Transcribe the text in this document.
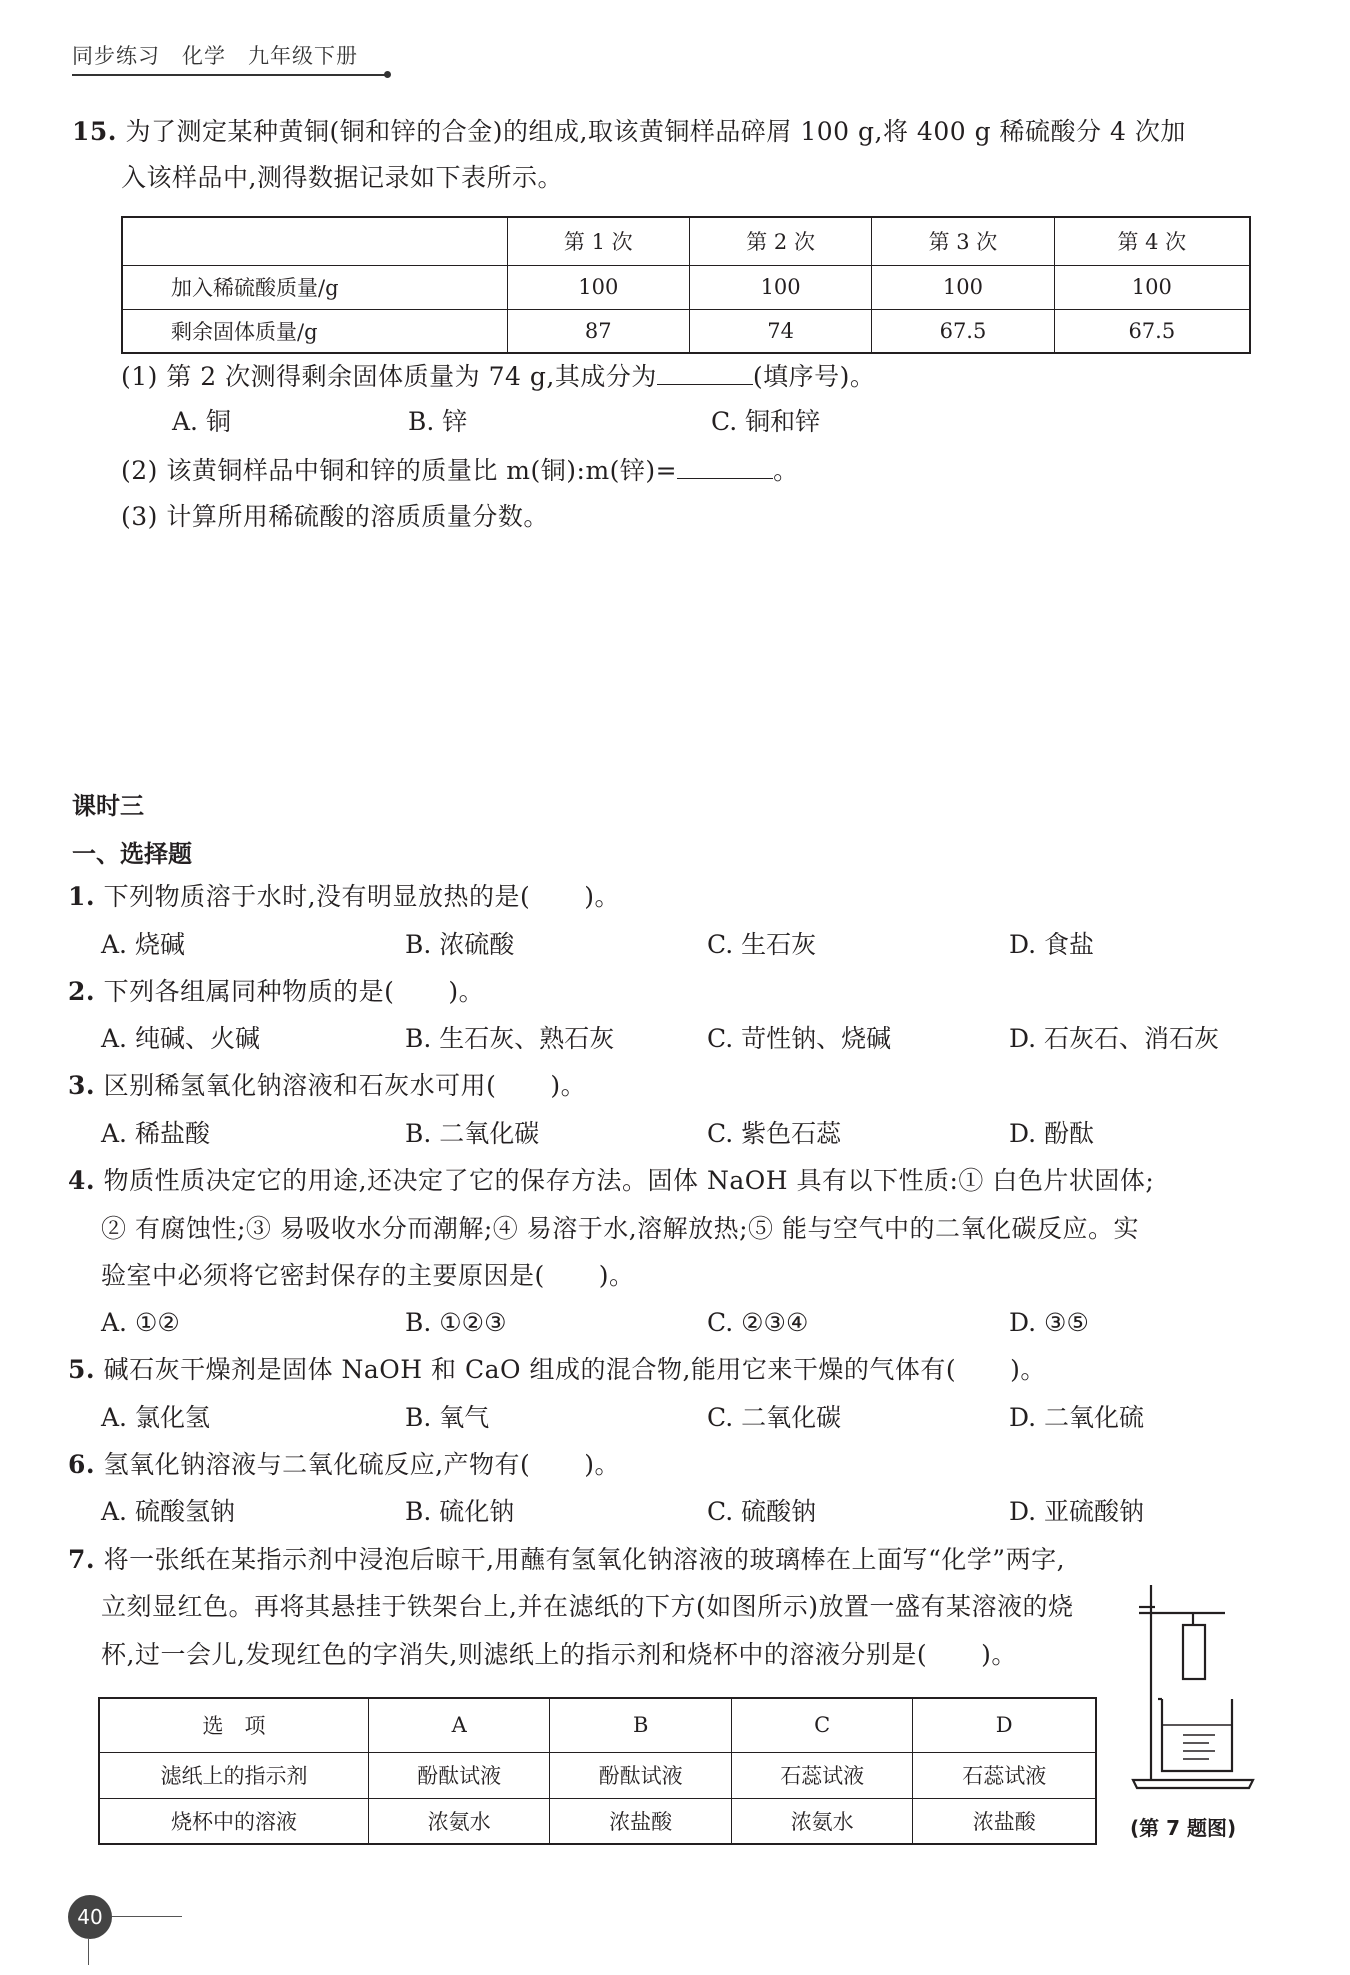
同步练习 化学 九年级下册
15. 为了测定某种黄铜(铜和锌的合金)的组成,取该黄铜样品碎屑 100 g,将 400 g 稀硫酸分 4 次加
入该样品中,测得数据记录如下表所示。
	第 1 次	第 2 次	第 3 次	第 4 次
加入稀硫酸质量/g	100	100	100	100
剩余固体质量/g	87	74	67.5	67.5
(1) 第 2 次测得剩余固体质量为 74 g,其成分为	(填序号)。
A. 铜	B. 锌	C. 铜和锌
(2) 该黄铜样品中铜和锌的质量比 m(铜):m(锌)=	。
(3) 计算所用稀硫酸的溶质质量分数。
课时三
一、选择题
1. 下列物质溶于水时,没有明显放热的是( )。
A. 烧碱	B. 浓硫酸	C. 生石灰	D. 食盐
2. 下列各组属同种物质的是( )。
A. 纯碱、火碱	B. 生石灰、熟石灰	C. 苛性钠、烧碱	D. 石灰石、消石灰
3. 区别稀氢氧化钠溶液和石灰水可用( )。
A. 稀盐酸	B. 二氧化碳	C. 紫色石蕊	D. 酚酞
4. 物质性质决定它的用途,还决定了它的保存方法。固体 NaOH 具有以下性质:① 白色片状固体;
② 有腐蚀性;③ 易吸收水分而潮解;④ 易溶于水,溶解放热;⑤ 能与空气中的二氧化碳反应。实
验室中必须将它密封保存的主要原因是( )。
A. ①②	B. ①②③	C. ②③④	D. ③⑤
5. 碱石灰干燥剂是固体 NaOH 和 CaO 组成的混合物,能用它来干燥的气体有( )。
A. 氯化氢	B. 氧气	C. 二氧化碳	D. 二氧化硫
6. 氢氧化钠溶液与二氧化硫反应,产物有( )。
A. 硫酸氢钠	B. 硫化钠	C. 硫酸钠	D. 亚硫酸钠
7. 将一张纸在某指示剂中浸泡后晾干,用蘸有氢氧化钠溶液的玻璃棒在上面写“化学”两字,
立刻显红色。再将其悬挂于铁架台上,并在滤纸的下方(如图所示)放置一盛有某溶液的烧
杯,过一会儿,发现红色的字消失,则滤纸上的指示剂和烧杯中的溶液分别是( )。
选　项	A	B	C	D
滤纸上的指示剂	酚酞试液	酚酞试液	石蕊试液	石蕊试液
烧杯中的溶液	浓氨水	浓盐酸	浓氨水	浓盐酸	(第 7 题图)
40
